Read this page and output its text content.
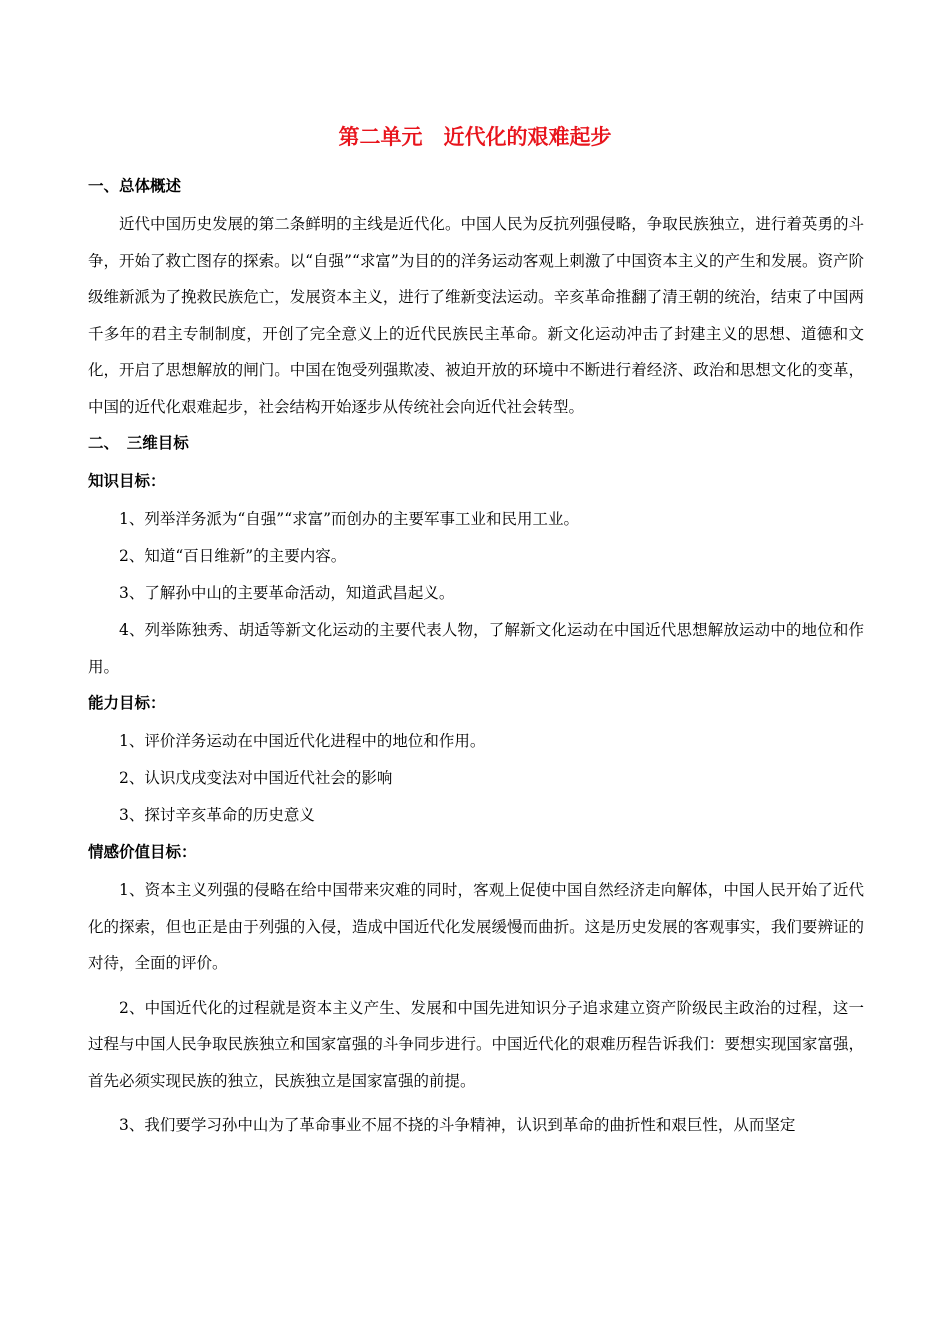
第二单元　近代化的艰难起步
一、总体概述
近代中国历史发展的第二条鲜明的主线是近代化。中国人民为反抗列强侵略，争取民族独立，进行着英勇的斗争，开始了救亡图存的探索。以“自强”“求富”为目的的洋务运动客观上刺激了中国资本主义的产生和发展。资产阶级维新派为了挽救民族危亡，发展资本主义，进行了维新变法运动。辛亥革命推翻了清王朝的统治，结束了中国两千多年的君主专制制度，开创了完全意义上的近代民族民主革命。新文化运动冲击了封建主义的思想、道德和文化，开启了思想解放的闸门。中国在饱受列强欺凌、被迫开放的环境中不断进行着经济、政治和思想文化的变革，中国的近代化艰难起步，社会结构开始逐步从传统社会向近代社会转型。
二、　三维目标
知识目标：
1、列举洋务派为“自强”“求富”而创办的主要军事工业和民用工业。
2、知道“百日维新”的主要内容。
3、了解孙中山的主要革命活动，知道武昌起义。
4、列举陈独秀、胡适等新文化运动的主要代表人物，了解新文化运动在中国近代思想解放运动中的地位和作用。
能力目标：
1、评价洋务运动在中国近代化进程中的地位和作用。
2、认识戊戌变法对中国近代社会的影响
3、探讨辛亥革命的历史意义
情感价值目标：
1、资本主义列强的侵略在给中国带来灾难的同时，客观上促使中国自然经济走向解体，中国人民开始了近代化的探索，但也正是由于列强的入侵，造成中国近代化发展缓慢而曲折。这是历史发展的客观事实，我们要辨证的对待，全面的评价。
2、中国近代化的过程就是资本主义产生、发展和中国先进知识分子追求建立资产阶级民主政治的过程，这一过程与中国人民争取民族独立和国家富强的斗争同步进行。中国近代化的艰难历程告诉我们：要想实现国家富强，首先必须实现民族的独立，民族独立是国家富强的前提。
3、我们要学习孙中山为了革命事业不屈不挠的斗争精神，认识到革命的曲折性和艰巨性，从而坚定
